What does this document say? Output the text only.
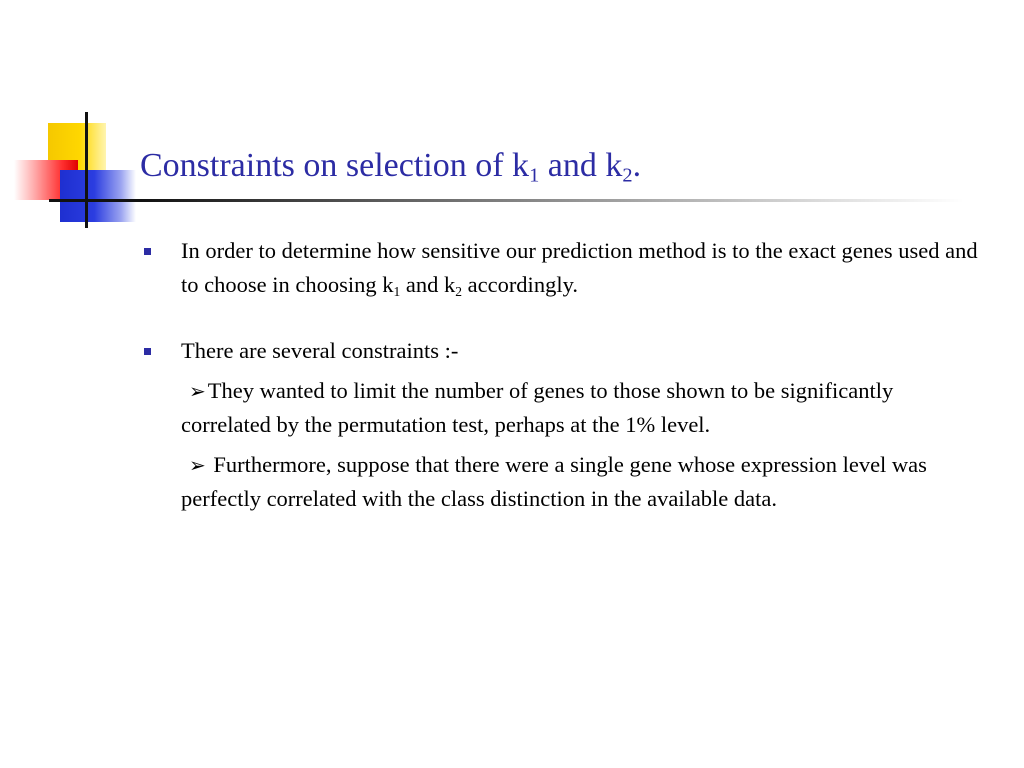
Constraints on selection of $k_1$ and $k_2$.
In order to determine how sensitive our prediction method is to the exact genes used and to choose in choosing $k_1$ and $k_2$ accordingly.
There are several constraints :-
➢They wanted to limit the number of genes to those shown to be significantly correlated by the permutation test, perhaps at the 1% level.
➢ Furthermore, suppose that there were a single gene whose expression level was perfectly correlated with the class distinction in the available data.
